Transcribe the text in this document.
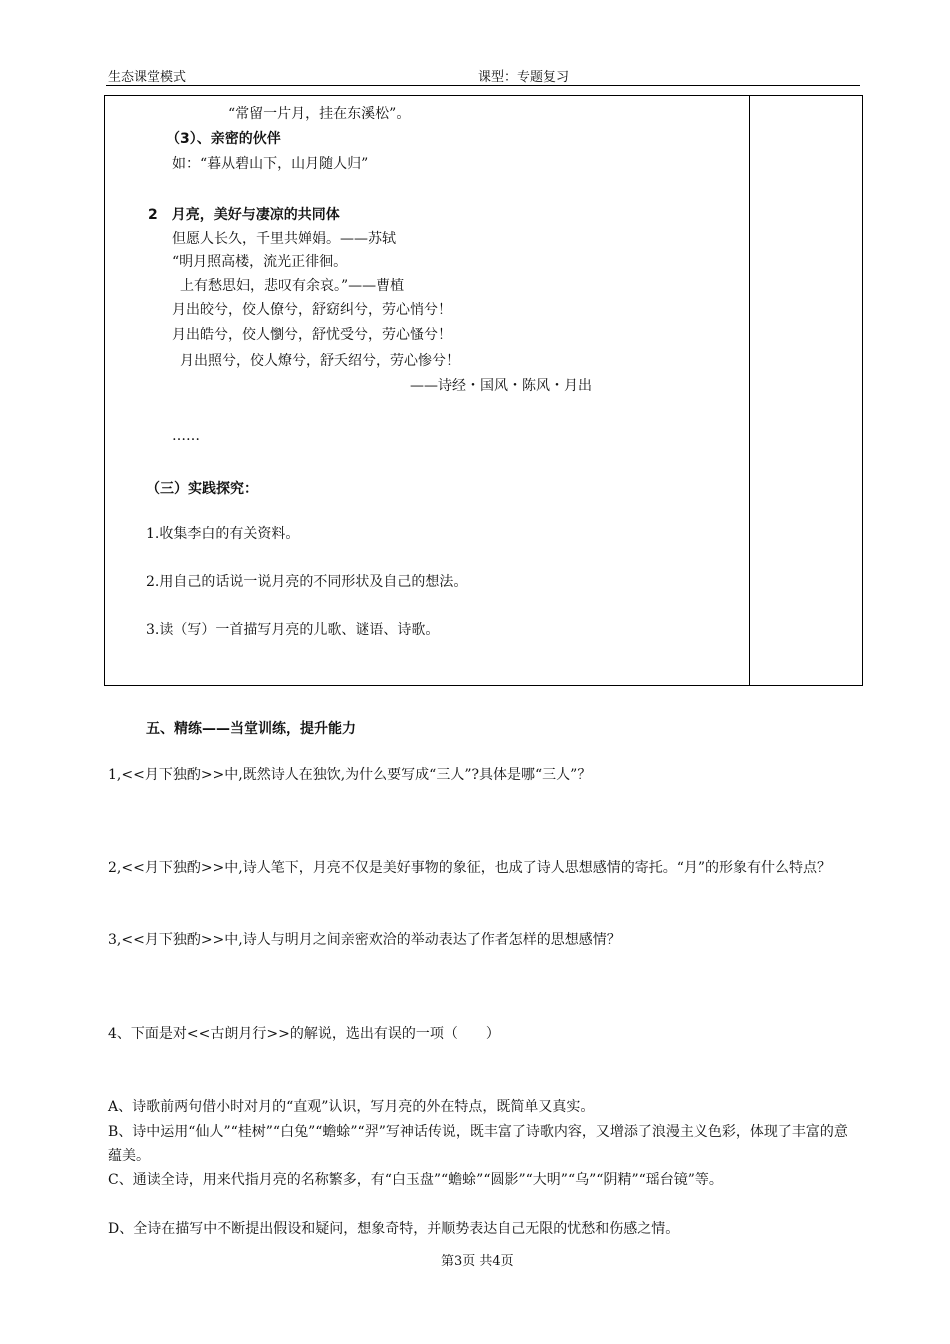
生态课堂模式	课型：专题复习
“常留一片月，挂在东溪松”。
（3）、亲密的伙伴
如：“暮从碧山下，山月随人归”
2　月亮，美好与凄凉的共同体
但愿人长久，千里共婵娟。——苏轼
“明月照高楼，流光正徘徊。
上有愁思妇，悲叹有余哀。”——曹植
月出皎兮，佼人僚兮，舒窈纠兮，劳心悄兮！
月出皓兮，佼人懰兮，舒忧受兮，劳心慅兮！
月出照兮，佼人燎兮，舒夭绍兮，劳心惨兮！
——诗经・国风・陈风・月出
……
（三）实践探究：
1.收集李白的有关资料。
2.用自己的话说一说月亮的不同形状及自己的想法。
3.读（写）一首描写月亮的儿歌、谜语、诗歌。
五、精练——当堂训练，提升能力
1,<<月下独酌>>中,既然诗人在独饮,为什么要写成“三人”?具体是哪“三人”？
2,<<月下独酌>>中,诗人笔下，月亮不仅是美好事物的象征，也成了诗人思想感情的寄托。“月”的形象有什么特点？
3,<<月下独酌>>中,诗人与明月之间亲密欢洽的举动表达了作者怎样的思想感情？
4、下面是对<<古朗月行>>的解说，选出有误的一项（　　）
A、诗歌前两句借小时对月的“直观”认识，写月亮的外在特点，既简单又真实。
B、诗中运用“仙人”“桂树”“白兔”“蟾蜍”“羿”写神话传说，既丰富了诗歌内容，又增添了浪漫主义色彩，体现了丰富的意蕴美。
C、通读全诗，用来代指月亮的名称繁多，有“白玉盘”“蟾蜍”“圆影”“大明”“乌”“阴精”“瑶台镜”等。
D、全诗在描写中不断提出假设和疑问，想象奇特，并顺势表达自己无限的忧愁和伤感之情。
第3页 共4页
